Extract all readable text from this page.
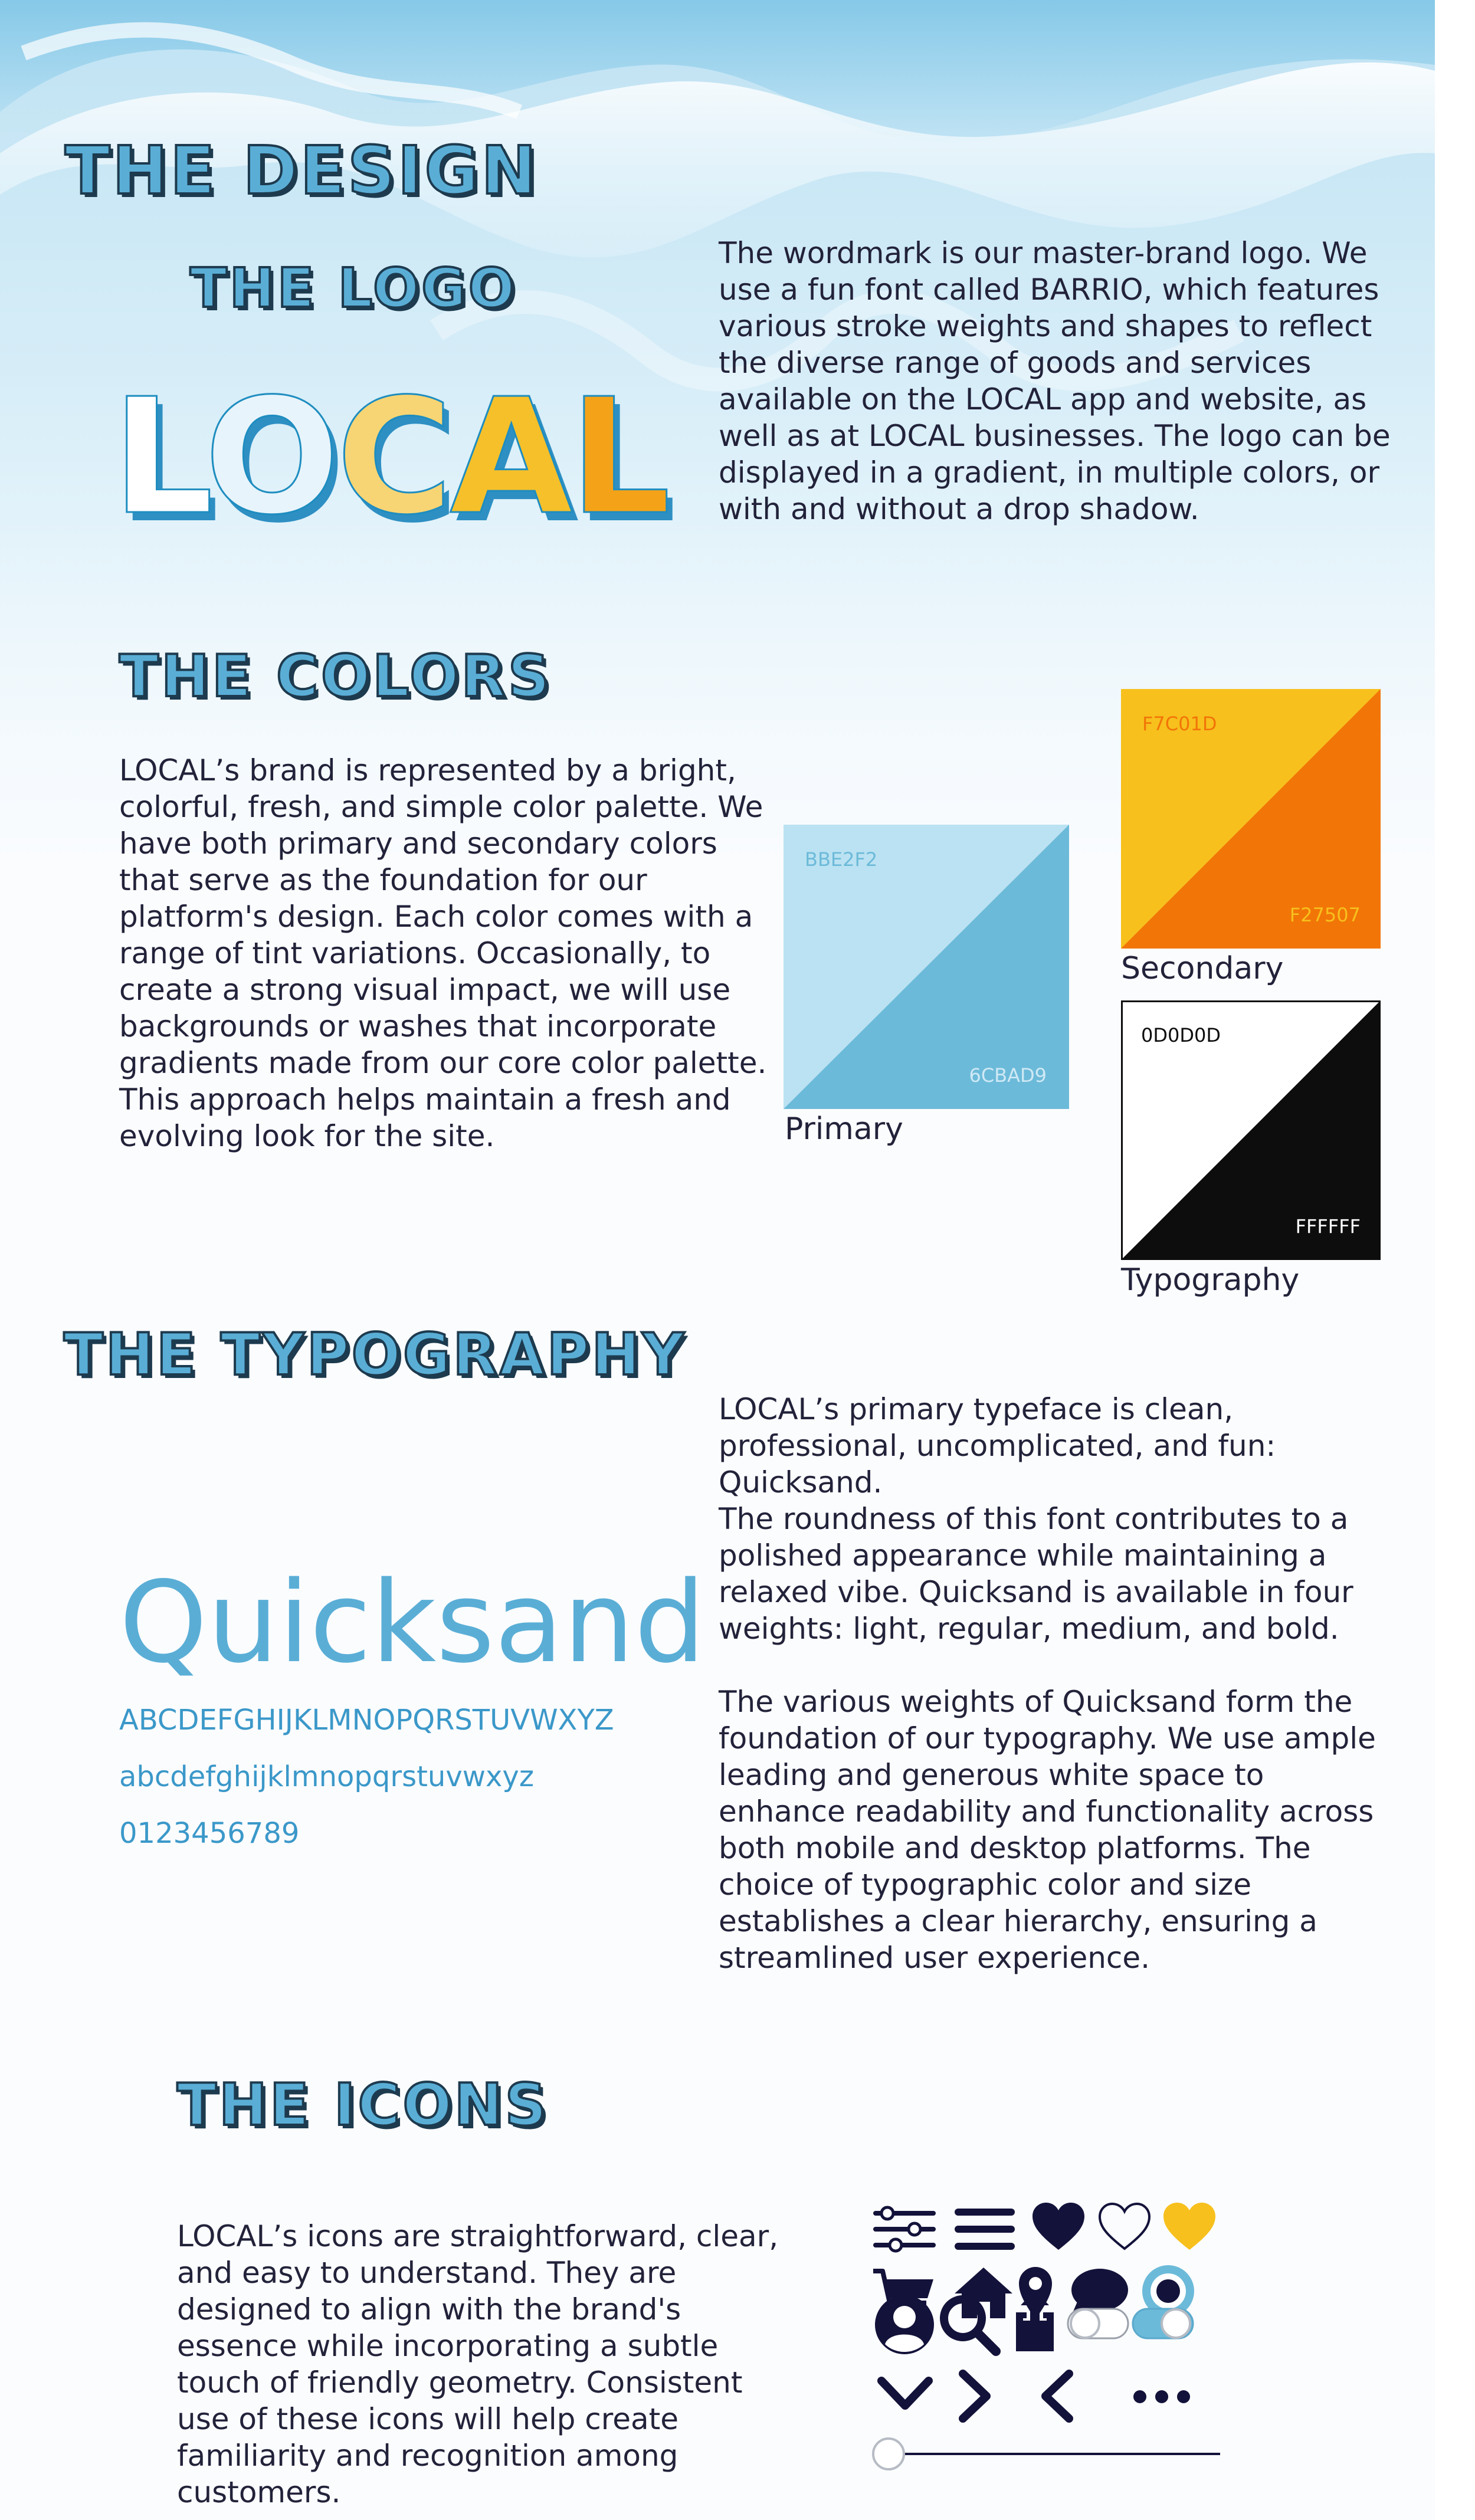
THE DESIGN
THE LOGO
LOCAL

The wordmark is our master-brand logo. We use a fun font called BARRIO, which features various stroke weights and shapes to reflect the diverse range of goods and services available on the LOCAL app and website, as well as at LOCAL businesses. The logo can be displayed in a gradient, in multiple colors, or with and without a drop shadow.

THE COLORS

LOCAL’s brand is represented by a bright, colorful, fresh, and simple color palette. We have both primary and secondary colors that serve as the foundation for our platform's design. Each color comes with a range of tint variations. Occasionally, to create a strong visual impact, we will use backgrounds or washes that incorporate gradients made from our core color palette. This approach helps maintain a fresh and evolving look for the site.

BBE2F2
6CBAD9
Primary
F7C01D
F27507
Secondary
0D0D0D
FFFFFF
Typography
THE TYPOGRAPHY
Quicksand
ABCDEFGHIJKLMNOPQRSTUVWXYZ
abcdefghijklmnopqrstuvwxyz
0123456789

LOCAL’s primary typeface is clean, professional, uncomplicated, and fun: Quicksand.
The roundness of this font contributes to a polished appearance while maintaining a relaxed vibe. Quicksand is available in four weights: light, regular, medium, and bold.

The various weights of Quicksand form the foundation of our typography. We use ample leading and generous white space to enhance readability and functionality across both mobile and desktop platforms. The choice of typographic color and size establishes a clear hierarchy, ensuring a streamlined user experience.

THE ICONS

LOCAL’s icons are straightforward, clear, and easy to understand. They are designed to align with the brand's essence while incorporating a subtle touch of friendly geometry. Consistent use of these icons will help create familiarity and recognition among customers.
